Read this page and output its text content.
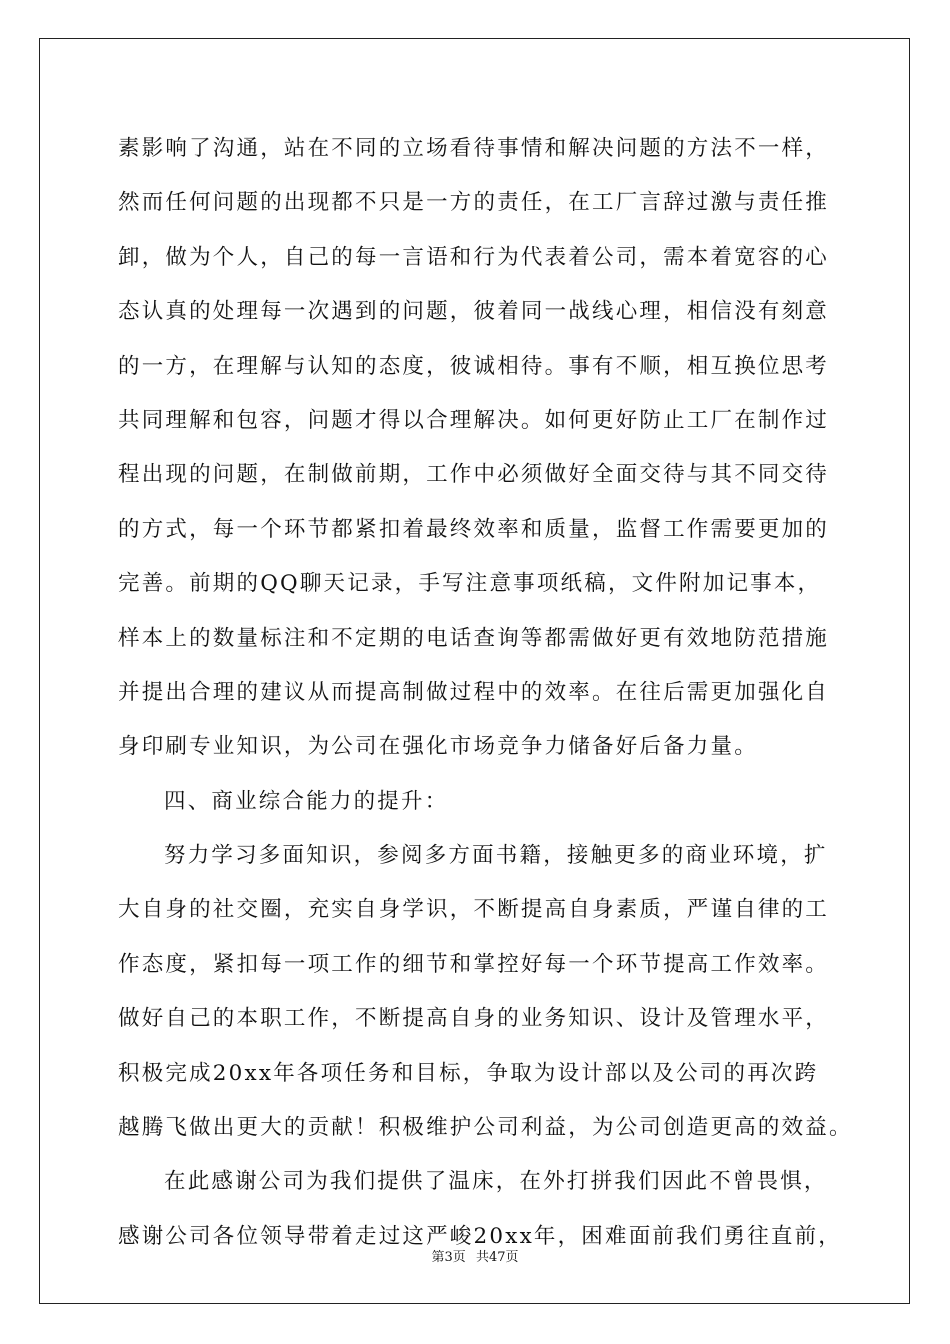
素影响了沟通，站在不同的立场看待事情和解决问题的方法不一样，
然而任何问题的出现都不只是一方的责任，在工厂言辞过激与责任推
卸，做为个人，自己的每一言语和行为代表着公司，需本着宽容的心
态认真的处理每一次遇到的问题，彼着同一战线心理，相信没有刻意
的一方，在理解与认知的态度，彼诚相待。事有不顺，相互换位思考
共同理解和包容，问题才得以合理解决。如何更好防止工厂在制作过
程出现的问题，在制做前期，工作中必须做好全面交待与其不同交待
的方式，每一个环节都紧扣着最终效率和质量，监督工作需要更加的
完善。前期的QQ聊天记录，手写注意事项纸稿，文件附加记事本，
样本上的数量标注和不定期的电话查询等都需做好更有效地防范措施
并提出合理的建议从而提高制做过程中的效率。在往后需更加强化自
身印刷专业知识，为公司在强化市场竞争力储备好后备力量。
四、商业综合能力的提升：
努力学习多面知识，参阅多方面书籍，接触更多的商业环境，扩
大自身的社交圈，充实自身学识，不断提高自身素质，严谨自律的工
作态度，紧扣每一项工作的细节和掌控好每一个环节提高工作效率。
做好自己的本职工作，不断提高自身的业务知识、设计及管理水平，
积极完成20xx年各项任务和目标，争取为设计部以及公司的再次跨
越腾飞做出更大的贡献！积极维护公司利益，为公司创造更高的效益。
在此感谢公司为我们提供了温床，在外打拼我们因此不曾畏惧，
感谢公司各位领导带着走过这严峻20xx年，困难面前我们勇往直前，
第3页 共47页
